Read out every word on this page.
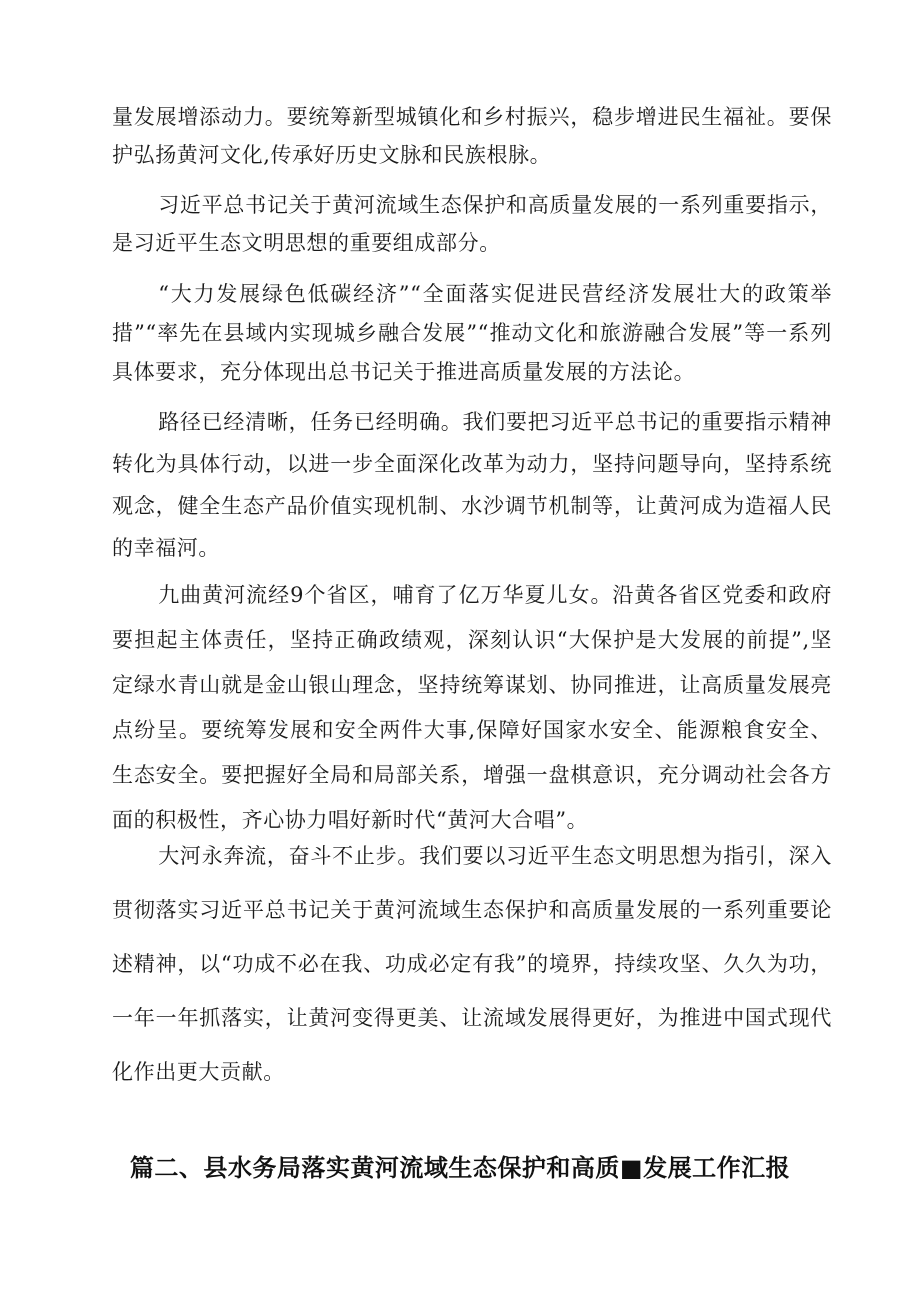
量发展增添动力。要统筹新型城镇化和乡村振兴，稳步增进民生福祉。要保护弘扬黄河文化,传承好历史文脉和民族根脉。

习近平总书记关于黄河流域生态保护和高质量发展的一系列重要指示，是习近平生态文明思想的重要组成部分。

“大力发展绿色低碳经济”“全面落实促进民营经济发展壮大的政策举措”“率先在县域内实现城乡融合发展”“推动文化和旅游融合发展”等一系列具体要求，充分体现出总书记关于推进高质量发展的方法论。

路径已经清晰，任务已经明确。我们要把习近平总书记的重要指示精神转化为具体行动，以进一步全面深化改革为动力，坚持问题导向，坚持系统观念，健全生态产品价值实现机制、水沙调节机制等，让黄河成为造福人民的幸福河。

九曲黄河流经9个省区，哺育了亿万华夏儿女。沿黄各省区党委和政府要担起主体责任，坚持正确政绩观，深刻认识“大保护是大发展的前提”,坚定绿水青山就是金山银山理念，坚持统筹谋划、协同推进，让高质量发展亮点纷呈。要统筹发展和安全两件大事,保障好国家水安全、能源粮食安全、生态安全。要把握好全局和局部关系，增强一盘棋意识，充分调动社会各方面的积极性，齐心协力唱好新时代“黄河大合唱”。

大河永奔流，奋斗不止步。我们要以习近平生态文明思想为指引，深入贯彻落实习近平总书记关于黄河流域生态保护和高质量发展的一系列重要论述精神，以“功成不必在我、功成必定有我”的境界，持续攻坚、久久为功，一年一年抓落实，让黄河变得更美、让流域发展得更好，为推进中国式现代化作出更大贡献。

篇二、县水务局落实黄河流域生态保护和高质■发展工作汇报
